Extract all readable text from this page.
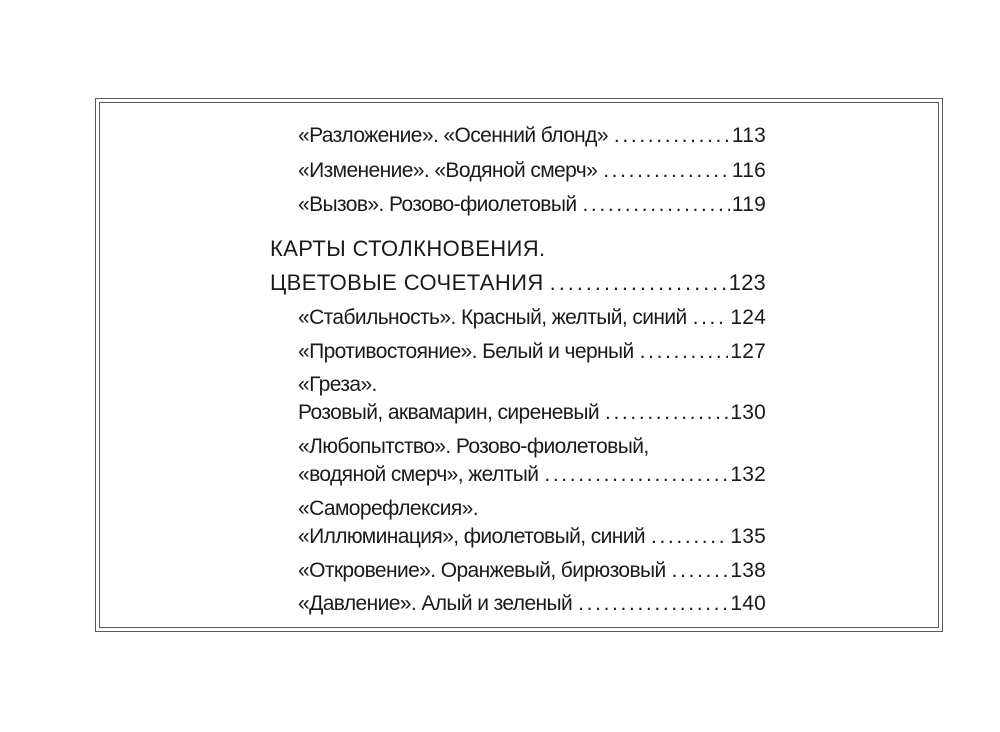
«Разложение». «Осенний блонд» . . .	113
«Изменение». «Водяной смерч» . . .	116
«Вызов». Розово-фиолетовый . . .	119
КАРТЫ СТОЛКНОВЕНИЯ.
ЦВЕТОВЫЕ СОЧЕТАНИЯ . . .	123
«Стабильность». Красный, желтый, синий . . . 124
«Противостояние». Белый и черный . . .	127
«Греза».
Розовый, аквамарин, сиреневый . . .	130
«Любопытство». Розово-фиолетовый,
«водяной смерч», желтый . . .	132
«Саморефлексия».
«Иллюминация», фиолетовый, синий . . .	135
«Откровение». Оранжевый, бирюзовый . . .	138
«Давление». Алый и зеленый . . .	140
